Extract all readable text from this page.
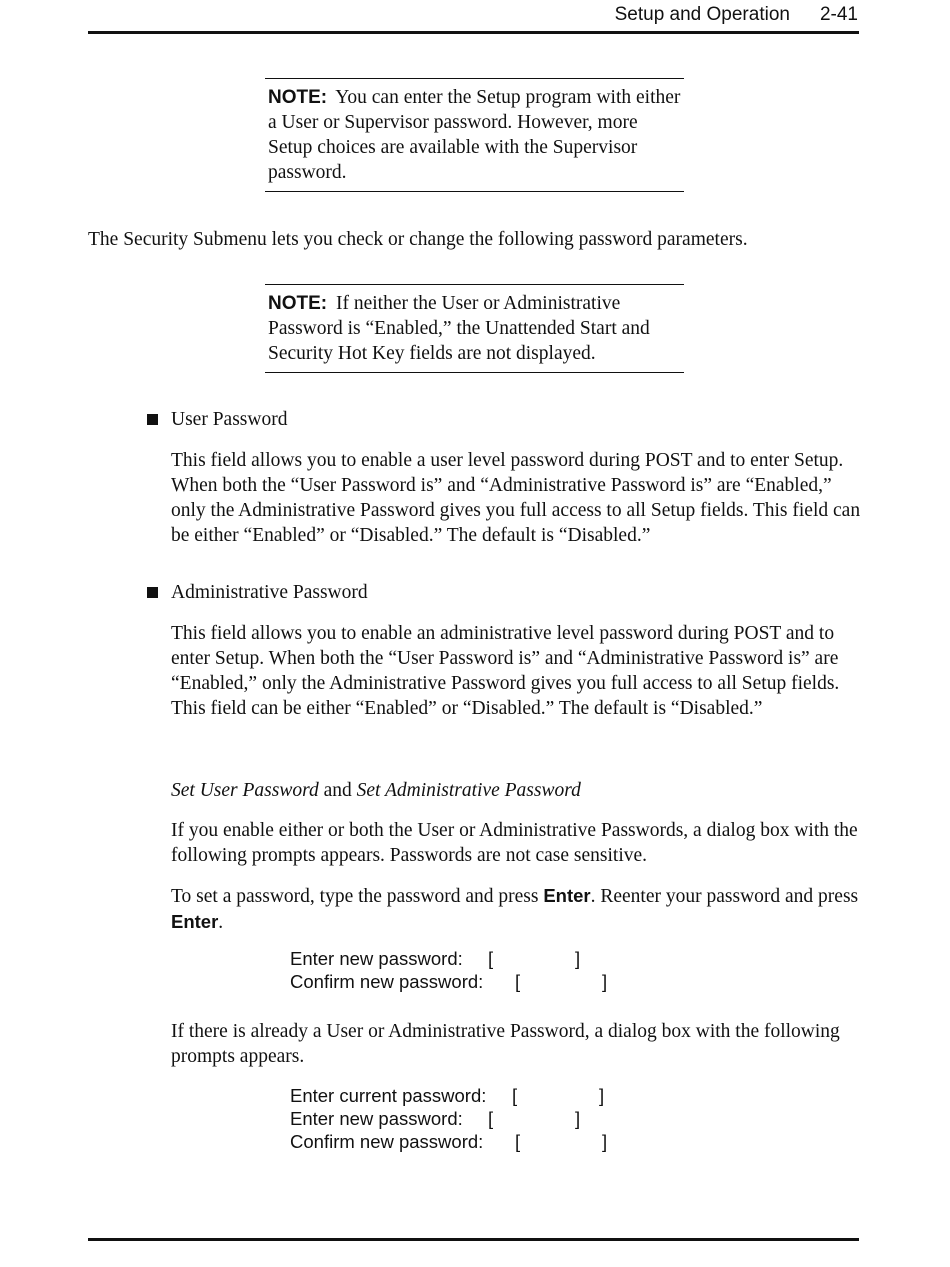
Setup and Operation 2-41
NOTE: You can enter the Setup program with either a User or Supervisor password. However, more Setup choices are available with the Supervisor password.
The Security Submenu lets you check or change the following password parameters.
NOTE: If neither the User or Administrative Password is “Enabled,” the Unattended Start and Security Hot Key fields are not displayed.
User Password
This field allows you to enable a user level password during POST and to enter Setup. When both the “User Password is” and “Administrative Password is” are “Enabled,” only the Administrative Password gives you full access to all Setup fields. This field can be either “Enabled” or “Disabled.” The default is “Disabled.”
Administrative Password
This field allows you to enable an administrative level password during POST and to enter Setup. When both the “User Password is” and “Administrative Password is” are “Enabled,” only the Administrative Password gives you full access to all Setup fields. This field can be either “Enabled” or “Disabled.” The default is “Disabled.”
Set User Password and Set Administrative Password
If you enable either or both the User or Administrative Passwords, a dialog box with the following prompts appears. Passwords are not case sensitive.
To set a password, type the password and press Enter. Reenter your password and press Enter.
Enter new password: [	]
Confirm new password: [	]
If there is already a User or Administrative Password, a dialog box with the following prompts appears.
Enter current password: [	]
Enter new password: [	]
Confirm new password: [	]
